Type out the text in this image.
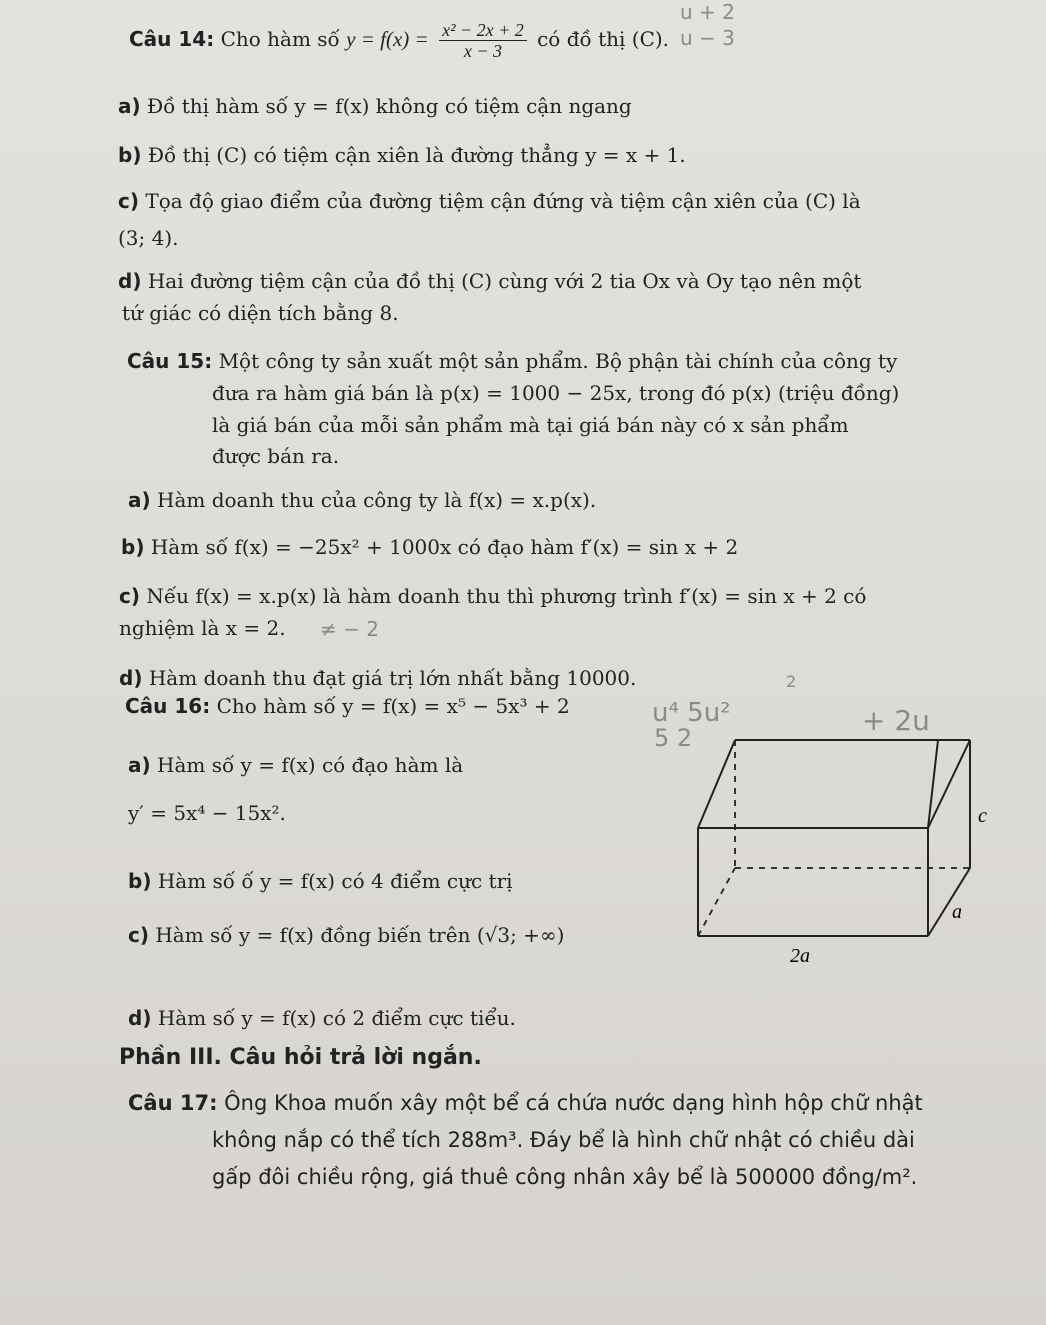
Câu 14: Cho hàm số $y = f(x) = \frac{\text{x² − 2x + 2}}{x - 3}$ có đồ thị (C).
a) Đồ thị hàm số y = f(x) không có tiệm cận ngang
b) Đồ thị (C) có tiệm cận xiên là đường thẳng y = x + 1.
c) Tọa độ giao điểm của đường tiệm cận đứng và tiệm cận xiên của (C) là
(3; 4).
d) Hai đường tiệm cận của đồ thị (C) cùng với 2 tia Ox và Oy tạo nên một
tứ giác có diện tích bằng 8.
Câu 15: Một công ty sản xuất một sản phẩm. Bộ phận tài chính của công ty
đưa ra hàm giá bán là p(x) = 1000 − 25x, trong đó p(x) (triệu đồng)
là giá bán của mỗi sản phẩm mà tại giá bán này có x sản phẩm
được bán ra.
a) Hàm doanh thu của công ty là f(x) = x.p(x).
b) Hàm số f(x) = −25x² + 1000x có đạo hàm f′(x) = sin x + 2
c) Nếu f(x) = x.p(x) là hàm doanh thu thì phương trình f′(x) = sin x + 2 có
nghiệm là x = 2.
d) Hàm doanh thu đạt giá trị lớn nhất bằng 10000.
Câu 16: Cho hàm số y = f(x) = x⁵ − 5x³ + 2
a) Hàm số y = f(x) có đạo hàm là
y′ = 5x⁴ − 15x².
b) Hàm số ố y = f(x) có 4 điểm cực trị
c) Hàm số y = f(x) đồng biến trên (√3; +∞)
d) Hàm số y = f(x) có 2 điểm cực tiểu.
c
a
2a
Phần III. Câu hỏi trả lời ngắn.
Câu 17: Ông Khoa muốn xây một bể cá chứa nước dạng hình hộp chữ nhật
không nắp có thể tích 288m³. Đáy bể là hình chữ nhật có chiều dài
gấp đôi chiều rộng, giá thuê công nhân xây bể là 500000 đồng/m².
u + 2
u − 3
≠ − 2
u⁴ 5u²
5 2
+ 2u
2
